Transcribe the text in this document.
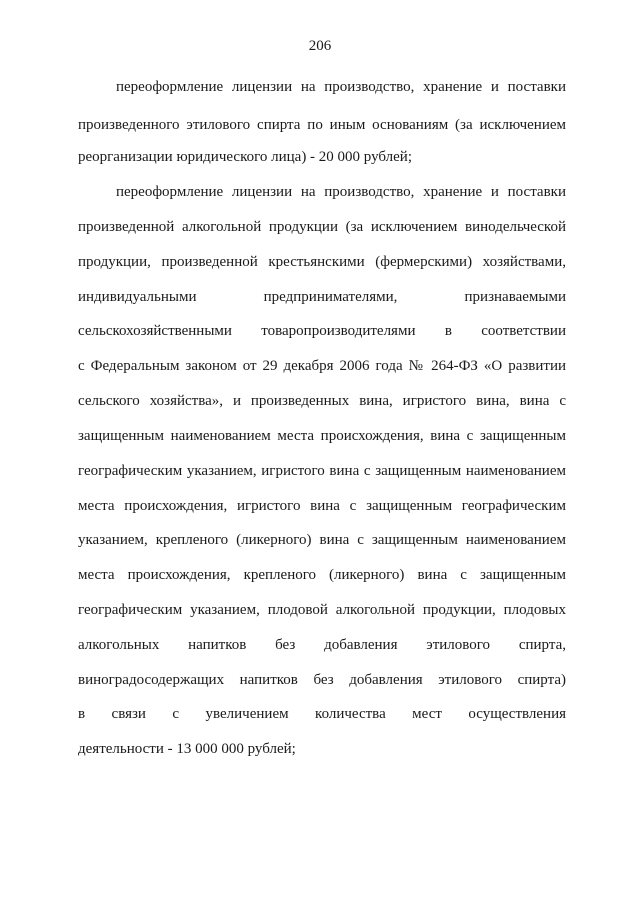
206
переоформление лицензии на производство, хранение и поставки
произведенного этилового спирта по иным основаниям (за исключением
реорганизации юридического лица) - 20 000 рублей;
переоформление лицензии на производство, хранение и поставки
произведенной алкогольной продукции (за исключением винодельческой
продукции, произведенной крестьянскими (фермерскими) хозяйствами,
индивидуальными предпринимателями, признаваемыми
сельскохозяйственными товаропроизводителями в соответствии
с Федеральным законом от 29 декабря 2006 года № 264-ФЗ «О развитии
сельского хозяйства», и произведенных вина, игристого вина, вина с
защищенным наименованием места происхождения, вина с защищенным
географическим указанием, игристого вина с защищенным наименованием
места происхождения, игристого вина с защищенным географическим
указанием, крепленого (ликерного) вина с защищенным наименованием
места происхождения, крепленого (ликерного) вина с защищенным
географическим указанием, плодовой алкогольной продукции, плодовых
алкогольных напитков без добавления этилового спирта,
виноградосодержащих напитков без добавления этилового спирта)
в связи с увеличением количества мест осуществления
деятельности - 13 000 000 рублей;
